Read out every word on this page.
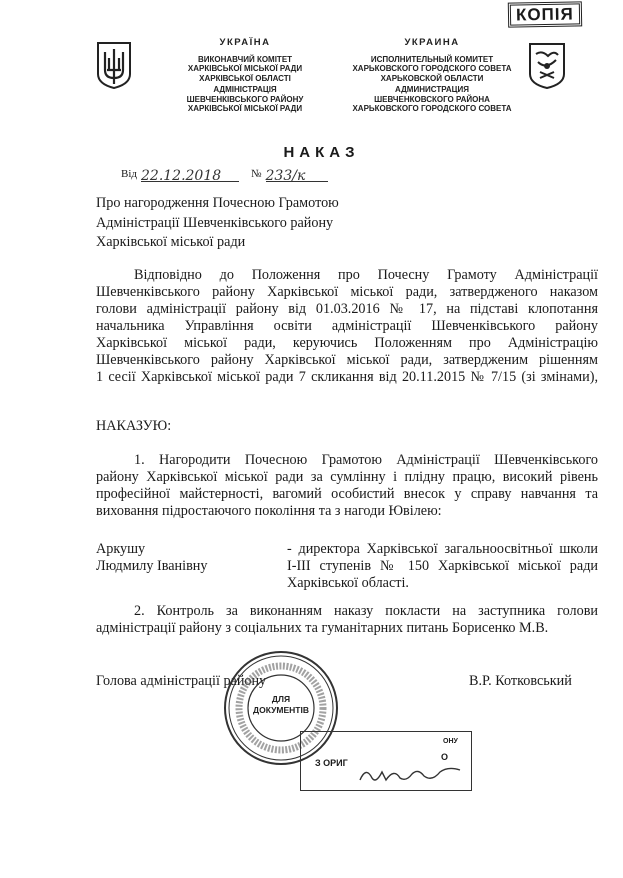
КОПІЯ
УКРАЇНА
ВИКОНАВЧИЙ КОМІТЕТ
ХАРКІВСЬКОЇ МІСЬКОЇ РАДИ
ХАРКІВСЬКОЇ ОБЛАСТІ
АДМІНІСТРАЦІЯ
ШЕВЧЕНКІВСЬКОГО РАЙОНУ
ХАРКІВСЬКОЇ МІСЬКОЇ РАДИ
УКРАИНА
ИСПОЛНИТЕЛЬНЫЙ КОМИТЕТ
ХАРЬКОВСКОГО ГОРОДСКОГО СОВЕТА
ХАРЬКОВСКОЙ ОБЛАСТИ
АДМИНИСТРАЦИЯ
ШЕВЧЕНКОВСКОГО РАЙОНА
ХАРЬКОВСКОГО ГОРОДСКОГО СОВЕТА
НАКАЗ
Від 22.12.2018	№ 233/к
Про нагородження Почесною Грамотою
Адміністрації Шевченківського району
Харківської міської ради
Відповідно до Положення про Почесну Грамоту Адміністрації
Шевченківського району Харківської міської ради, затвердженого наказом
голови адміністрації району від 01.03.2016 № 17, на підставі клопотання
начальника Управління освіти адміністрації Шевченківського району
Харківської міської ради, керуючись Положенням про Адміністрацію
Шевченківського району Харківської міської ради, затвердженим рішенням
1 сесії Харківської міської ради 7 скликання від 20.11.2015 № 7/15 (зі змінами),
НАКАЗУЮ:
1. Нагородити Почесною Грамотою Адміністрації Шевченківського
району Харківської міської ради за сумлінну і плідну працю, високий рівень
професійної майстерності, вагомий особистий внесок у справу навчання та
виховання підростаючого покоління та з нагоди Ювілею:
Аркушу
Людмилу Іванівну
- директора Харківської загальноосвітньої школи
І-ІІІ ступенів № 150 Харківської міської ради
Харківської області.
2. Контроль за виконанням наказу покласти на заступника голови
адміністрації району з соціальних та гуманітарних питань Борисенко М.В.
Голова адміністрації району	В.Р. Котковський
ДЛЯ
ДОКУМЕНТІВ
ОНУ
З ОРИГ
О
